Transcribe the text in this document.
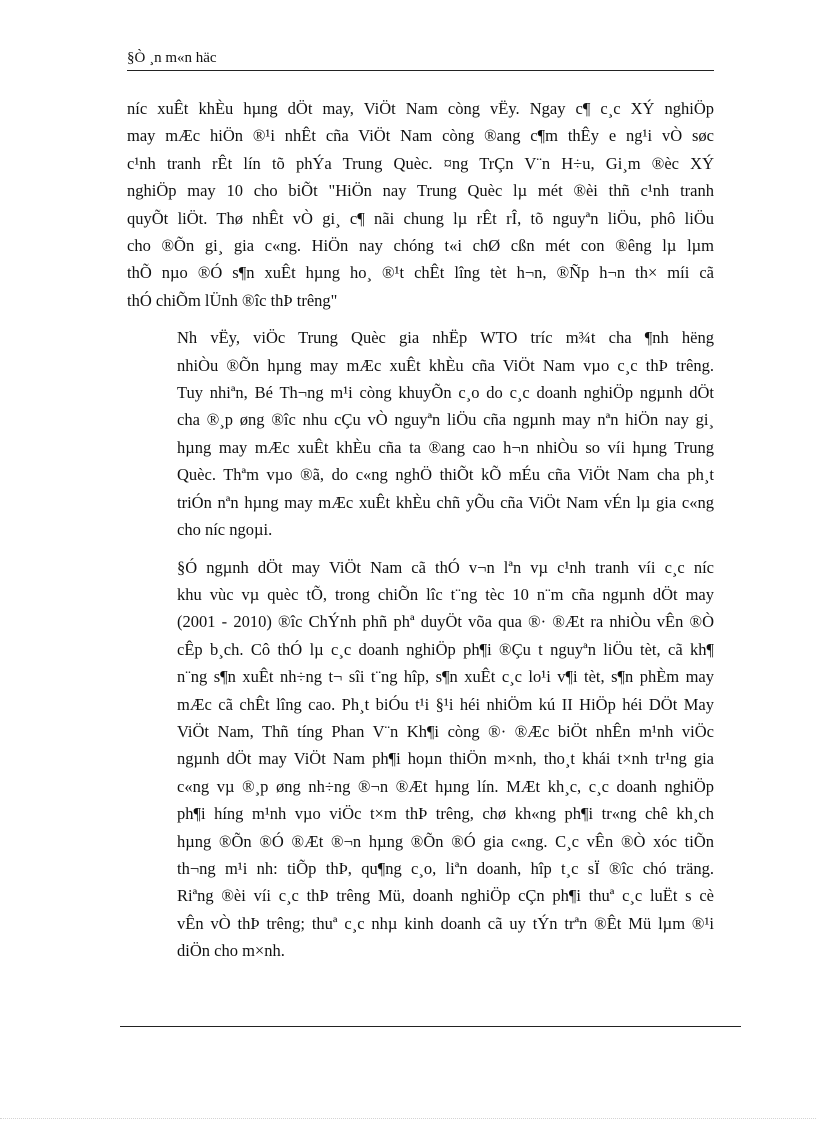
§Ò ¸n m«n häc
níc xuÊt khÈu hµng dÖt may, ViÖt Nam còng vËy. Ngay c¶ c¸c XÝ nghiÖp
may mÆc hiÖn ®¹i nhÊt cña ViÖt Nam còng ®ang c¶m thÊy e ng¹i vÒ søc
c¹nh tranh rÊt lín tõ phÝa Trung Quèc. ¤ng TrÇn V¨n H÷u, Gi¸m ®èc XÝ
nghiÖp may 10 cho biÕt "HiÖn nay Trung Quèc lµ mét ®èi thñ c¹nh tranh
quyÕt liÖt. Thø nhÊt vÒ gi¸ c¶ nãi chung lµ rÊt rÎ, tõ nguyªn liÖu, phô liÖu
cho ®Õn gi¸ gia c«ng. HiÖn nay chóng t«i chØ cßn mét con ®êng lµ lµm
thÕ nµo ®Ó s¶n xuÊt hµng ho¸ ®¹t chÊt lîng tèt h¬n, ®Ñp h¬n th× míi cã
thÓ chiÕm lÜnh ®îc thÞ trêng"
Nh vËy, viÖc Trung Quèc gia nhËp WTO tríc m¾t cha ¶nh hëng
nhiÒu ®Õn hµng may mÆc xuÊt khÈu cña ViÖt Nam vµo c¸c thÞ trêng.
Tuy nhiªn, Bé Th¬ng m¹i còng khuyÕn c¸o do c¸c doanh nghiÖp ngµnh dÖt
cha ®¸p øng ®îc nhu cÇu vÒ nguyªn liÖu cña ngµnh may nªn hiÖn nay gi¸
hµng may mÆc xuÊt khÈu cña ta ®ang cao h¬n nhiÒu so víi hµng Trung
Quèc. Thªm vµo ®ã, do c«ng nghÖ thiÕt kÕ mÉu cña ViÖt Nam cha ph¸t
triÓn nªn hµng may mÆc xuÊt khÈu chñ yÕu cña ViÖt Nam vÉn lµ gia c«ng
cho níc ngoµi.
§Ó ngµnh dÖt may ViÖt Nam cã thÓ v¬n lªn vµ c¹nh tranh víi c¸c níc
khu vùc vµ quèc tÕ, trong chiÕn lîc t¨ng tèc 10 n¨m cña ngµnh dÖt may
(2001 - 2010) ®îc ChÝnh phñ phª duyÖt võa qua ®· ®Æt ra nhiÒu vÊn ®Ò
cÊp b¸ch. Cô thÓ lµ c¸c doanh nghiÖp ph¶i ®Çu t nguyªn liÖu tèt, cã kh¶
n¨ng s¶n xuÊt nh÷ng t¬ sîi t¨ng hîp, s¶n xuÊt c¸c lo¹i v¶i tèt, s¶n phÈm may
mÆc cã chÊt lîng cao. Ph¸t biÓu t¹i §¹i héi nhiÖm kú II HiÖp héi DÖt May
ViÖt Nam, Thñ tíng Phan V¨n Kh¶i còng ®· ®Æc biÖt nhÊn m¹nh viÖc
ngµnh dÖt may ViÖt Nam ph¶i hoµn thiÖn m×nh, tho¸t khái t×nh tr¹ng gia
c«ng vµ ®¸p øng nh÷ng ®¬n ®Æt hµng lín. MÆt kh¸c, c¸c doanh nghiÖp
ph¶i híng m¹nh vµo viÖc t×m thÞ trêng, chø kh«ng ph¶i tr«ng chê kh¸ch
hµng ®Õn ®Ó ®Æt ®¬n hµng ®Õn ®Ó gia c«ng. C¸c vÊn ®Ò xóc tiÕn
th¬ng m¹i nh: tiÕp thÞ, qu¶ng c¸o, liªn doanh, hîp t¸c sÏ ®îc chó träng.
Riªng ®èi víi c¸c thÞ trêng Mü, doanh nghiÖp cÇn ph¶i thuª c¸c luËt s cè
vÊn vÒ thÞ trêng; thuª c¸c nhµ kinh doanh cã uy tÝn trªn ®Êt Mü lµm ®¹i
diÖn cho m×nh.
